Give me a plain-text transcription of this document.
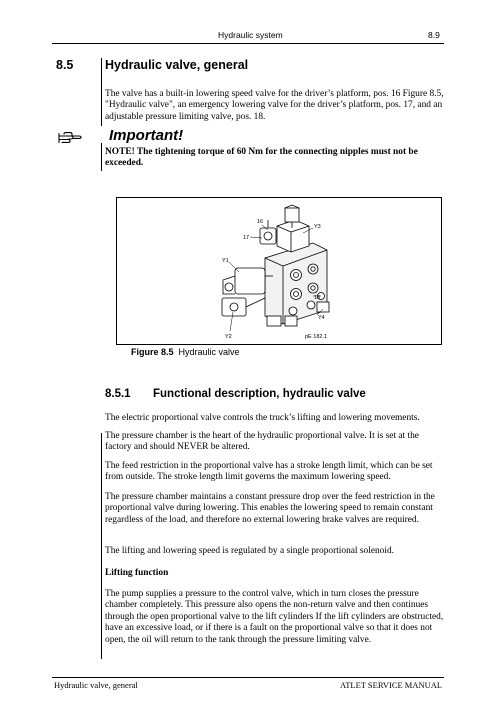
Hydraulic system	8.9
8.5	Hydraulic valve, general
The valve has a built-in lowering speed valve for the driver’s platform, pos. 16 Figure 8.5, "Hydraulic valve", an emergency lowering valve for the driver’s platform, pos. 17, and an adjustable pressure limiting valve, pos. 18.
Important!
NOTE! The tightening torque of 60 Nm for the connecting nipples must not be exceeded.
16
17
Y3
Y1
18
Y4
Y2	pE 182.1
Figure 8.5 Hydraulic valve
8.5.1 Functional description, hydraulic valve
The electric proportional valve controls the truck’s lifting and lowering movements.
The pressure chamber is the heart of the hydraulic proportional valve. It is set at the factory and should NEVER be altered.
The feed restriction in the proportional valve has a stroke length limit, which can be set from outside. The stroke length limit governs the maximum lowering speed.
The pressure chamber maintains a constant pressure drop over the feed restriction in the proportional valve during lowering. This enables the lowering speed to remain constant regardless of the load, and therefore no external lowering brake valves are required.
The lifting and lowering speed is regulated by a single proportional solenoid.
Lifting function
The pump supplies a pressure to the control valve, which in turn closes the pressure chamber completely. This pressure also opens the non-return valve and then continues through the open proportional valve to the lift cylinders If the lift cylinders are obstructed, have an excessive load, or if there is a fault on the proportional valve so that it does not open, the oil will return to the tank through the pressure limiting valve.
Hydraulic valve, general	ATLET SERVICE MANUAL
